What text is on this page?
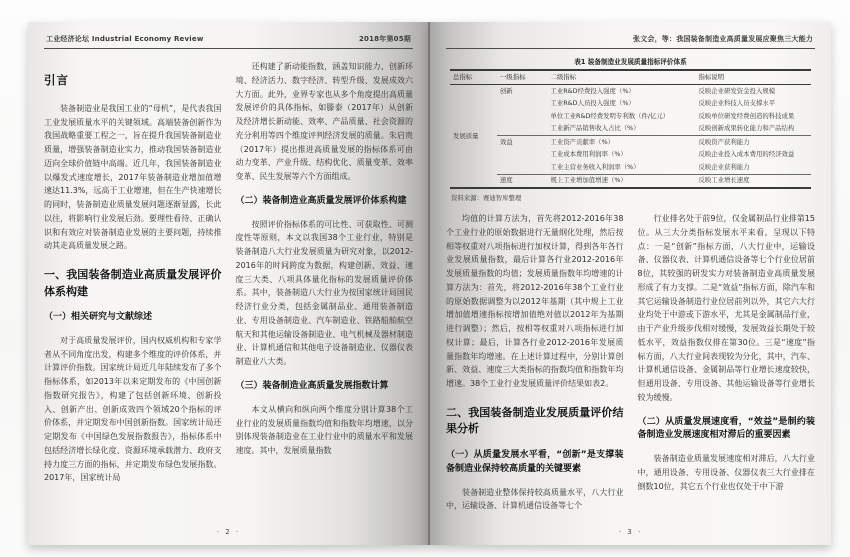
工业经济论坛 Industrial Economy Review	2018年第05期
引言

装备制造业是我国工业的“母机”，是代表我国工业发展质量水平的关键领域。高端装备创新作为我国战略重要工程之一，旨在提升我国装备制造业质量，增强装备制造业实力，推动我国装备制造业迈向全球价值链中高端。近几年，我国装备制造业以爆发式速度增长，2017年装备制造业增加值增速达11.3%，远高于工业增速，但在生产快速增长的同时，装备制造业质量发展问题逐渐显露，长此以往，将影响行业发展后劲。要理性看待、正确认识和有效应对装备制造业发展的主要问题，持续推动其走高质量发展之路。

一、我国装备制造业高质量发展评价体系构建
（一）相关研究与文献综述

对于高质量发展评价，国内权威机构和专家学者从不同角度出发，构建多个维度的评价体系，并计算评价指数。国家统计局近几年陆续发布了多个指标体系，如2013年以来定期发布的《中国创新指数研究报告》，构建了包括创新环境、创新投入、创新产出、创新成效四个领域20个指标的评价体系，并定期发布中国创新指数。国家统计局还定期发布《中国绿色发展指数报告》，指标体系中包括经济增长绿化度、资源环境承载潜力、政府支持力度三方面的指标，并定期发布绿色发展指数。2017年，国家统计局

还构建了新动能指数，涵盖知识能力、创新环境、经济活力、数字经济、转型升级、发展成效六大方面。此外，业界专家也从多个角度提出高质量发展评价的具体指标，如滕泰（2017年）从创新及经济增长新动能、效率、产品质量、社会资源的充分利用等四个维度评判经济发展的质量。朱启贵（2017年）提出推进高质量发展的指标体系可由动力变革、产业升级、结构优化、质量变革、效率变革、民生发展等六个方面组成。

（二）装备制造业高质量发展评价体系构建

按照评价指标体系的可比性、可获取性、可测度性等原则，本文以我国38个工业行业，特别是装备制造八大行业发展质量为研究对象，以2012-2016年的时间跨度为数据，构建创新、效益、速度三大类、八项具体量化指标的发展质量评价体系。其中，装备制造八大行业为按国家统计局国民经济行业分类，包括金属制品业、通用装备制造业、专用设备制造业、汽车制造业、铁路船舶航空航天和其他运输设备制造业、电气机械及器材制造业、计算机通信和其他电子设备制造业、仪器仪表制造业八大类。

（三）装备制造业高质量发展指数计算

本文从横向和纵向两个维度分别计算38个工业行业的发展质量指数均值和指数年均增速，以分别体现装备制造业在工业行业中的质量水平和发展速度。其中，发展质量指数

· 2 ·
张文会，等：我国装备制造业高质量发展应聚焦三大能力
表1 装备制造业发展质量指标评价体系
总指标	一级指标	二级指标	指标说明
发展质量	创新	工业R&D经费投入强度（%）	反映企业研发资金投入规模
		工业R&D人员投入强度（%）	反映企业科技人员支撑水平
		单位工业R&D经费发明专利数（件/亿元）	反映单位研发经费创造的科技成果
		工业新产品销售收入占比（%）	反映创新成果转化能力和产品结构
	效益	工业资产贡献率（%）	反映资产获利能力
		工业成本费用利润率（%）	反映企业投入成本费用的经济效益
		工业主营业务收入利润率（%）	反映企业获利能力
	速度	规上工业增加值增速（%）	反映工业增长速度
资料来源：赛迪智库整理

均值的计算方法为，首先将2012-2016年38个工业行业的原始数据进行无量纲化处理，然后按相等权重对八项指标进行加权计算，得到各年各行业发展质量指数，最后计算各行业2012-2016年发展质量指数的均值；发展质量指数年均增速的计算方法为：首先，将2012-2016年38个工业行业的原始数据调整为以2012年基期（其中规上工业增加值增速指标按增加值绝对值以2012年为基期进行调整）；然后，按相等权重对八项指标进行加权计算；最后，计算各行业2012-2016年发展质量指数年均增速。在上述计算过程中，分别计算创新、效益、速度三大类指标的指数均值和指数年均增速。38个工业行业发展质量评价结果如表2。

二、我国装备制造业发展质量评价结果分析
（一）从质量发展水平看，“创新”是支撑装备制造业保持较高质量的关键要素

装备制造业整体保持较高质量水平，八大行业中，运输设备、计算机通信设备等七个

行业排名处于前9位，仅金属制品行业排第15位。从三大分类指标发展水平来看，呈现以下特点：一是“创新”指标方面，八大行业中，运输设备、仪器仪表、计算机通信设备等七个行业位居前8位，其较强的研发实力对装备制造业高质量发展形成了有力支撑。二是“效益”指标方面，除汽车和其它运输设备制造行业位居前列以外，其它六大行业均处于中游或下游水平，尤其是金属制品行业，由于产业升级步伐相对缓慢，发展效益长期处于较低水平，效益指数仅排在第30位。三是“速度”指标方面，八大行业间表现较为分化，其中，汽车、计算机通信设备、金属制品等行业增长速度较快，但通用设备、专用设备、其他运输设备等行业增长较为缓慢。

（二）从质量发展速度看，“效益”是制约装备制造业发展速度相对滞后的重要因素

装备制造业质量发展速度相对滞后，八大行业中，通用设备、专用设备、仪器仪表三大行业排在倒数10位，其它五个行业也仅处于中下游

· 3 ·
